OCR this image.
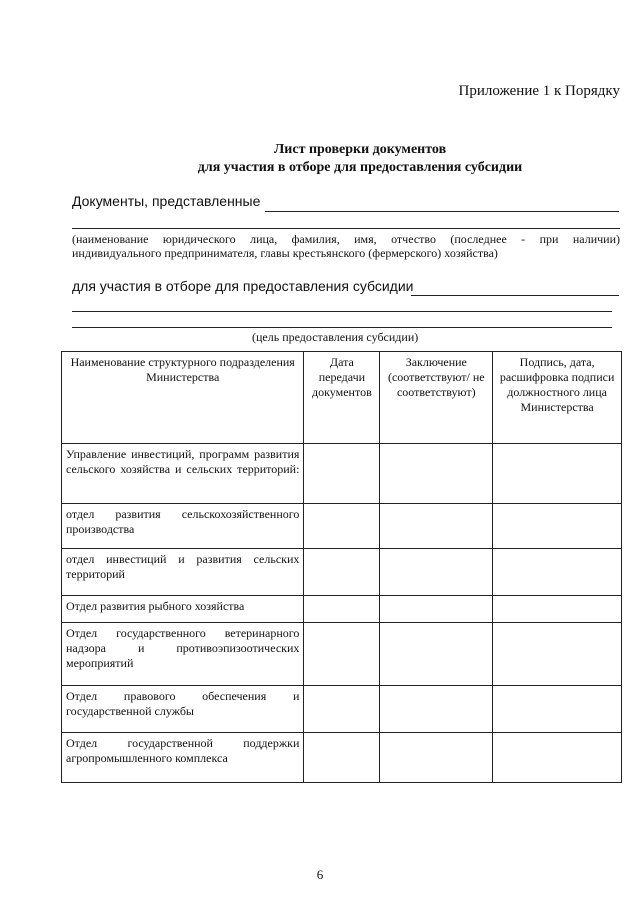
Приложение 1 к Порядку
Лист проверки документов
для участия в отборе для предоставления субсидии
Документы, представленные
(наименование юридического лица, фамилия, имя, отчество (последнее - при наличии)
индивидуального предпринимателя, главы крестьянского (фермерского) хозяйства)
для участия в отборе для предоставления субсидии
(цель предоставления субсидии)
Наименование структурного подразделения Министерства	Дата передачи документов	Заключение (соответствуют/ не соответствуют)	Подпись, дата, расшифровка подписи должностного лица Министерства
Управление инвестиций, программ развития сельского хозяйства и сельских территорий:			
отдел развития сельскохозяйственного производства			
отдел инвестиций и развития сельских территорий			
Отдел развития рыбного хозяйства			
Отдел государственного ветеринарного надзора и противоэпизоотических мероприятий			
Отдел правового обеспечения и государственной службы			
Отдел государственной поддержки агропромышленного комплекса			
6
